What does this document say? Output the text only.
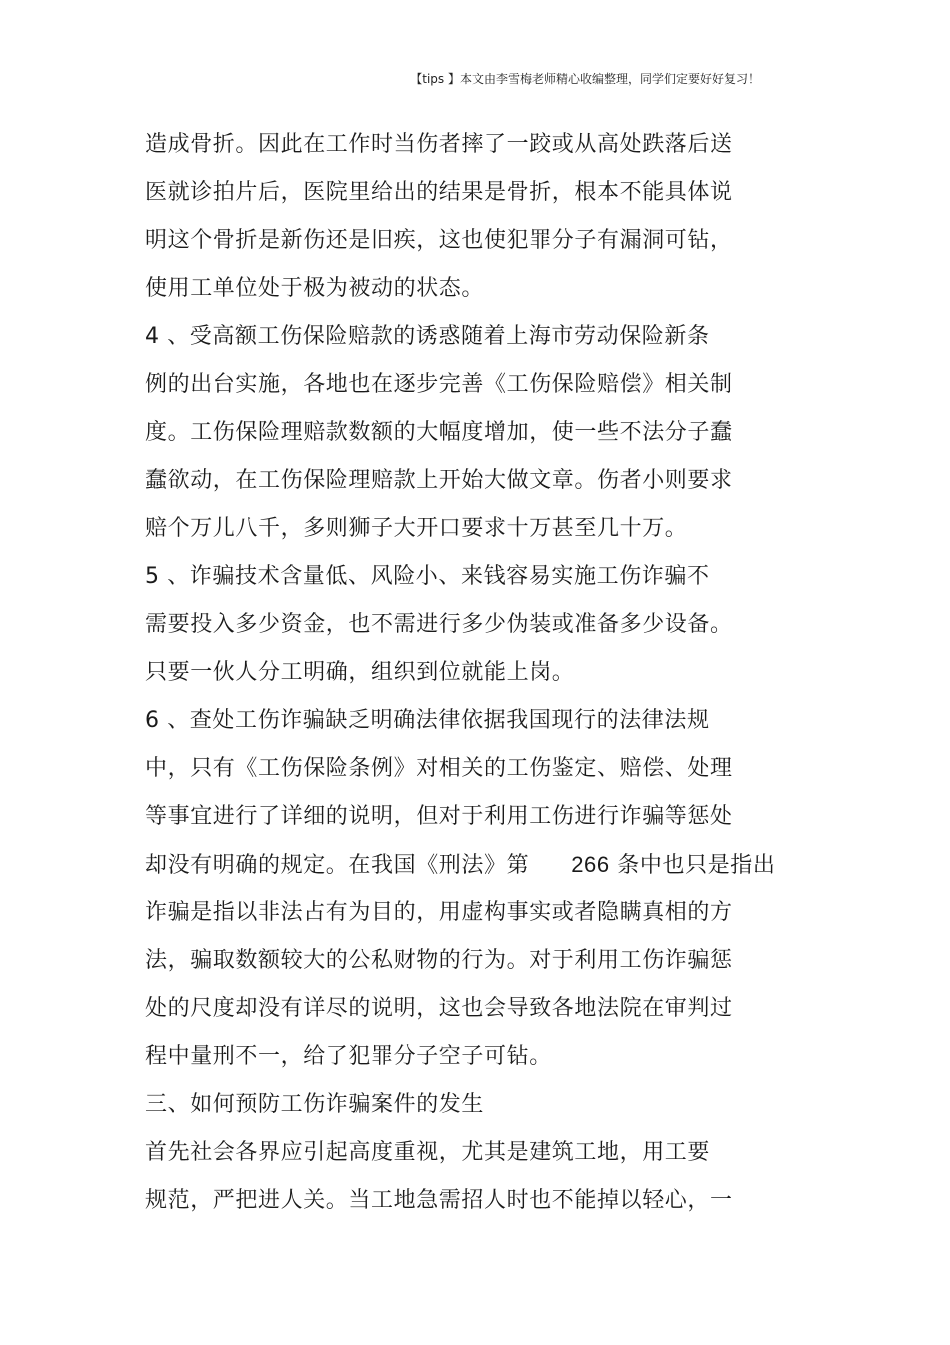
【tips 】本文由李雪梅老师精心收编整理，同学们定要好好复习！
造成骨折。因此在工作时当伤者摔了一跤或从高处跌落后送
医就诊拍片后，医院里给出的结果是骨折，根本不能具体说
明这个骨折是新伤还是旧疾，这也使犯罪分子有漏洞可钻，
使用工单位处于极为被动的状态。
4 、受高额工伤保险赔款的诱惑随着上海市劳动保险新条
例的出台实施，各地也在逐步完善《工伤保险赔偿》相关制
度。工伤保险理赔款数额的大幅度增加，使一些不法分子蠢
蠢欲动，在工伤保险理赔款上开始大做文章。伤者小则要求
赔个万儿八千，多则狮子大开口要求十万甚至几十万。
5 、诈骗技术含量低、风险小、来钱容易实施工伤诈骗不
需要投入多少资金，也不需进行多少伪装或准备多少设备。
只要一伙人分工明确，组织到位就能上岗。
6 、查处工伤诈骗缺乏明确法律依据我国现行的法律法规
中，只有《工伤保险条例》对相关的工伤鉴定、赔偿、处理
等事宜进行了详细的说明，但对于利用工伤进行诈骗等惩处
却没有明确的规定。在我国《刑法》第 266 条中也只是指出
诈骗是指以非法占有为目的，用虚构事实或者隐瞒真相的方
法，骗取数额较大的公私财物的行为。对于利用工伤诈骗惩
处的尺度却没有详尽的说明，这也会导致各地法院在审判过
程中量刑不一，给了犯罪分子空子可钻。
三、如何预防工伤诈骗案件的发生
首先社会各界应引起高度重视，尤其是建筑工地，用工要
规范，严把进人关。当工地急需招人时也不能掉以轻心，一
